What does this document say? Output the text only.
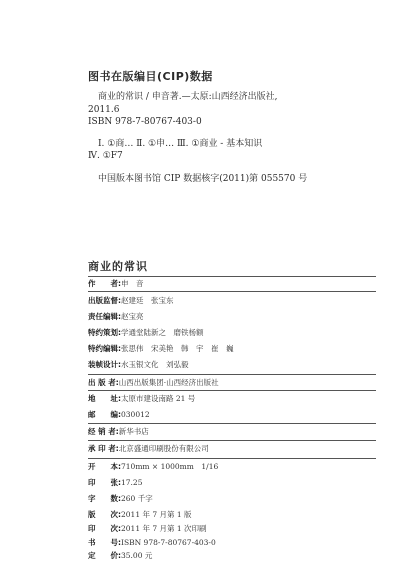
图书在版编目(CIP)数据
商业的常识 / 申音著.—太原:山西经济出版社,
2011.6
ISBN 978-7-80767-403-0
Ⅰ. ①商… Ⅱ. ①申… Ⅲ. ①商业 - 基本知识
Ⅳ. ①F7
中国版本图书馆 CIP 数据核字(2011)第 055570 号
商业的常识
作　　者:申　音
出版监督:赵建廷　张宝东
责任编辑:赵宝亮
特约策划:学通堂陆新之　磨铁杨额
特约编辑:张思伟　宋美艳　韩　宇　崔　巍
装帧设计:水玉银文化　刘弘毅
出 版 者:山西出版集团·山西经济出版社
地　　址:太原市建设南路 21 号
邮　　编:030012
经 销 者:新华书店
承 印 者:北京盛通印刷股份有限公司
开　　本:710mm × 1000mm　1/16
印　　张:17.25
字　　数:260 千字
版　　次:2011 年 7 月第 1 版
印　　次:2011 年 7 月第 1 次印刷
书　　号:ISBN 978-7-80767-403-0
定　　价:35.00 元
